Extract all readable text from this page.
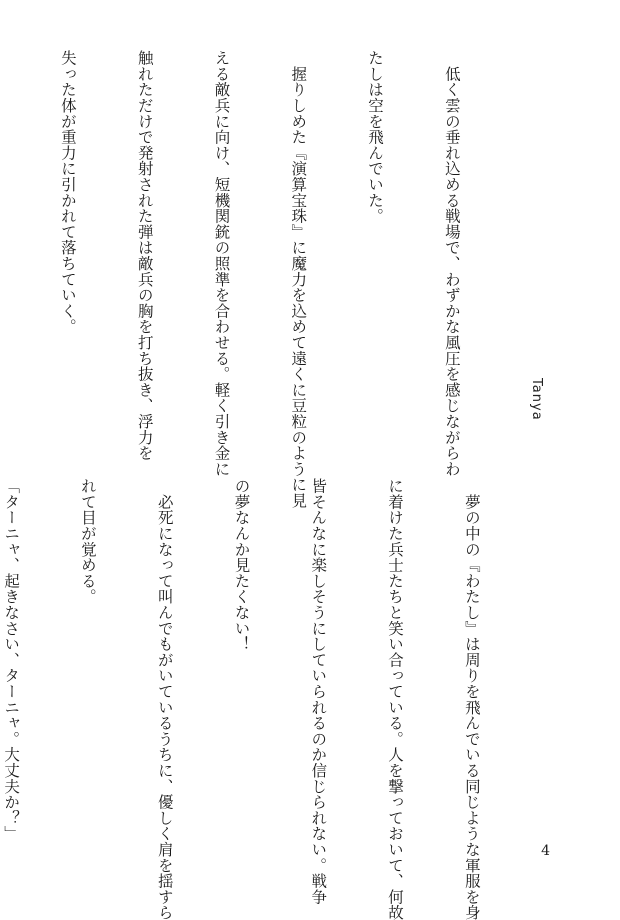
　低く雲の垂れ込める戦場で、わずかな風圧を感じながらわ

たしは空を飛んでいた。

　握りしめた『演算宝珠』に魔力を込めて遠くに豆粒のように見

える敵兵に向け、短機関銃の照準を合わせる。軽く引き金に

触れただけで発射された弾は敵兵の胸を打ち抜き、浮力を

失った体が重力に引かれて落ちていく。

Tanya

　夢の中の『わたし』は周りを飛んでいる同じような軍服を身

に着けた兵士たちと笑い合っている。人を撃っておいて、何故

皆そんなに楽しそうにしていられるのか信じられない。戦争

の夢なんか見たくない！

　必死になって叫んでもがいているうちに、優しく肩を揺すら

れて目が覚める。

「ターニャ、起きなさい、ターニャ。大丈夫か？」

4
